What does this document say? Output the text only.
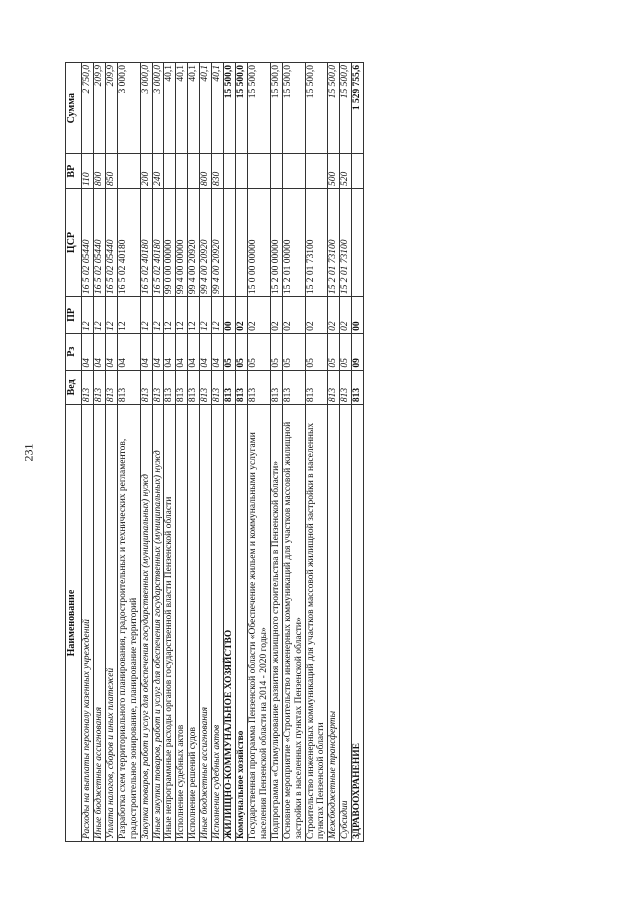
231
Наименование	Вед	Рз	ПР	ЦСР	ВР	Сумма
Расходы на выплаты персоналу казенных учреждений	813	04	12	16 5 02 05440	110	2 750,0
Иные бюджетные ассигнования	813	04	12	16 5 02 05440	800	209,9
Уплата налогов, сборов и иных платежей	813	04	12	16 5 02 05440	850	209,9
Разработка схем территориального планирования, градостроительных и технических регламентов, градостроительное зонирование, планирование территорий	813	04	12	16 5 02 40180		3 000,0
Закупка товаров, работ и услуг для обеспечения государственных (муниципальных) нужд	813	04	12	16 5 02 40180	200	3 000,0
Иные закупки товаров, работ и услуг для обеспечения государственных (муниципальных) нужд	813	04	12	16 5 02 40180	240	3 000,0
Иные непрограммные расходы органов государственной власти Пензенской области	813	04	12	99 0 00 00000		40,1
Исполнение судебных актов	813	04	12	99 4 00 00000		40,1
Исполнение решений судов	813	04	12	99 4 00 20920		40,1
Иные бюджетные ассигнования	813	04	12	99 4 00 20920	800	40,1
Исполнение судебных актов	813	04	12	99 4 00 20920	830	40,1
ЖИЛИЩНО-КОММУНАЛЬНОЕ ХОЗЯЙСТВО	813	05	00			15 500,0
Коммунальное хозяйство	813	05	02			15 500,0
Государственная программа Пензенской области «Обеспечение жильем и коммунальными услугами населения Пензенской области на 2014 - 2020 годы»	813	05	02	15 0 00 00000		15 500,0
Подпрограмма «Стимулирование развития жилищного строительства в Пензенской области»	813	05	02	15 2 00 00000		15 500,0
Основное мероприятие «Строительство инженерных коммуникаций для участков массовой жилищной застройки в населенных пунктах Пензенской области»	813	05	02	15 2 01 00000		15 500,0
Строительство инженерных коммуникаций для участков массовой жилищной застройки в населенных пунктах Пензенской области	813	05	02	15 2 01 73100		15 500,0
Межбюджетные трансферты	813	05	02	15 2 01 73100	500	15 500,0
Субсидии	813	05	02	15 2 01 73100	520	15 500,0
ЗДРАВООХРАНЕНИЕ	813	09	00			1 529 755,6
